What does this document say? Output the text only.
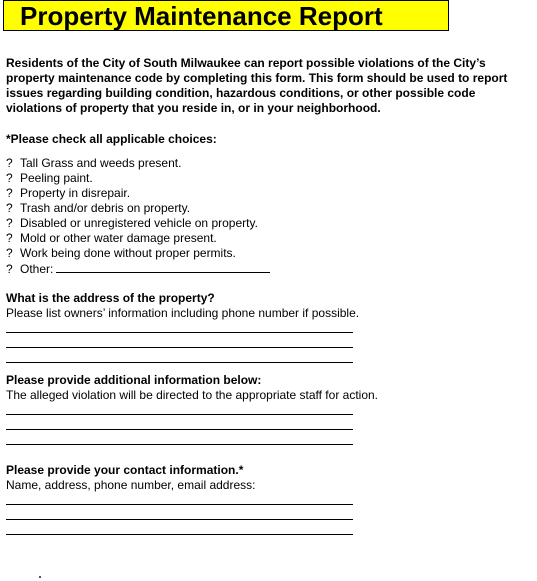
Property Maintenance Report
Residents of the City of South Milwaukee can report possible violations of the City’s property maintenance code by completing this form. This form should be used to report issues regarding building condition, hazardous conditions, or other possible code violations of property that you reside in, or in your neighborhood.
*Please check all applicable choices:
? Tall Grass and weeds present.
? Peeling paint.
? Property in disrepair.
? Trash and/or debris on property.
? Disabled or unregistered vehicle on property.
? Mold or other water damage present.
? Work being done without proper permits.
? Other:
What is the address of the property?
Please list owners’ information including phone number if possible.
Please provide additional information below:
The alleged violation will be directed to the appropriate staff for action.
Please provide your contact information.*
Name, address, phone number, email address:
